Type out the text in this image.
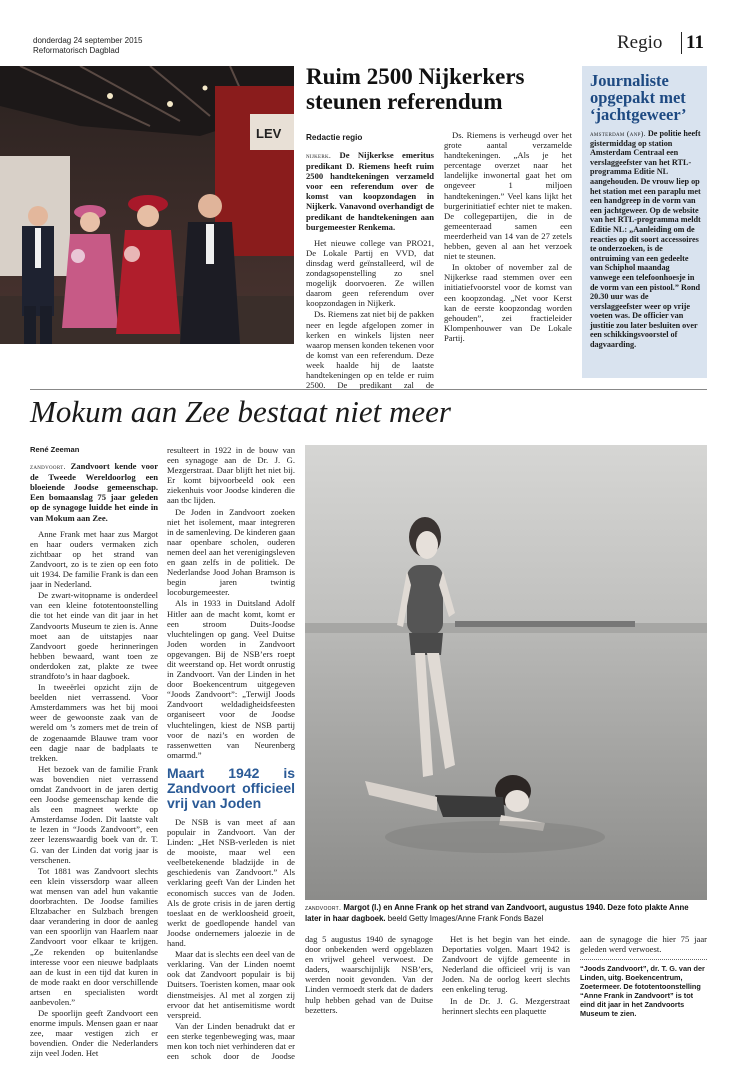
donderdag 24 september 2015
Reformatorisch Dagblad	Regio 11
LEV
Ruim 2500 Nijkerkers steunen referendum
Redactie regio

nijkerk. De Nijkerkse emeritus predikant D. Riemens heeft ruim 2500 handtekeningen verzameld voor een referendum over de komst van koopzondagen in Nijkerk. Vanavond overhandigt de predikant de handtekeningen aan burgemeester Renkema.

Het nieuwe college van PRO21, De Lokale Partij en VVD, dat dinsdag werd geïnstalleerd, wil de zondagsopenstelling zo snel mogelijk doorvoeren. Ze willen daarom geen referendum over koopzondagen in Nijkerk.

Ds. Riemens zat niet bij de pakken neer en legde afgelopen zomer in kerken en winkels lijsten neer waarop mensen konden tekenen voor de komst van een referendum. Deze week haalde hij de laatste handtekeningen op en telde er ruim 2500. De predikant zal de

Ds. Riemens is verheugd over het grote aantal verzamelde handtekeningen. „Als je het percentage overzet naar het landelijke inwonertal gaat het om ongeveer 1 miljoen handtekeningen.” Veel kans lijkt het burgerinitiatief echter niet te maken. De collegepartijen, die in de gemeenteraad samen een meerderheid van 14 van de 27 zetels hebben, geven al aan het verzoek niet te steunen.

In oktober of november zal de Nijkerkse raad stemmen over een initiatiefvoorstel voor de komst van een koopzondag. „Net voor Kerst kan de eerste koopzondag worden gehouden”, zei fractieleider Klompenhouwer van De Lokale Partij.

Journaliste opgepakt met ‘jachtgeweer’
amsterdam (anp). De politie heeft gistermiddag op station Amsterdam Centraal een verslaggeefster van het RTL-programma Editie NL aangehouden. De vrouw liep op het station met een paraplu met een handgreep in de vorm van een jachtgeweer. Op de website van het RTL-programma meldt Editie NL: „Aanleiding om de reacties op dit soort accessoires te onderzoeken, is de ontruiming van een gedeelte van Schiphol maandag vanwege een telefoonhoesje in de vorm van een pistool.” Rond 20.30 uur was de verslaggeefster weer op vrije voeten was. De officier van justitie zou later besluiten over een schikkingsvoorstel of dagvaarding.
Mokum aan Zee bestaat niet meer

René Zeeman

zandvoort. Zandvoort kende voor de Tweede Wereldoorlog een bloeiende Joodse gemeenschap. Een bomaanslag 75 jaar geleden op de synagoge luidde het einde in van Mokum aan Zee.

Anne Frank met haar zus Margot en haar ouders vermaken zich zichtbaar op het strand van Zandvoort, zo is te zien op een foto uit 1934. De familie Frank is dan een jaar in Nederland.

De zwart-witopname is onderdeel van een kleine fototentoonstelling die tot het einde van dit jaar in het Zandvoorts Museum te zien is. Anne moet aan de uitstapjes naar Zandvoort goede herinneringen hebben bewaard, want toen ze onderdoken zat, plakte ze twee strandfoto’s in haar dagboek.

In tweeërlei opzicht zijn de beelden niet verrassend. Voor Amsterdammers was het bij mooi weer de gewoonste zaak van de wereld om ’s zomers met de trein of de zogenaamde Blauwe tram voor een dagje naar de badplaats te trekken.

Het bezoek van de familie Frank was bovendien niet verrassend omdat Zandvoort in de jaren dertig een Joodse gemeenschap kende die als een magneet werkte op Amsterdamse Joden. Dit laatste valt te lezen in “Joods Zandvoort”, een zeer lezenswaardig boek van dr. T. G. van der Linden dat vorig jaar is verschenen.

Tot 1881 was Zandvoort slechts een klein vissersdorp waar alleen wat mensen van adel hun vakantie doorbrachten. De Joodse families Eltzabacher en Sulzbach brengen daar verandering in door de aanleg van een spoorlijn van Haarlem naar Zandvoort voor elkaar te krijgen. „Ze rekenden op buitenlandse interesse voor een nieuwe badplaats aan de kust in een tijd dat kuren in de mode raakt en door verschillende artsen en specialisten wordt aanbevolen.”

De spoorlijn geeft Zandvoort een enorme impuls. Mensen gaan er naar zee, maar vestigen zich er bovendien. Onder die Nederlanders zijn veel Joden. Het

resulteert in 1922 in de bouw van een synagoge aan de Dr. J. G. Mezgerstraat. Daar blijft het niet bij. Er komt bijvoorbeeld ook een ziekenhuis voor Joodse kinderen die aan tbc lijden.

De Joden in Zandvoort zoeken niet het isolement, maar integreren in de samenleving. De kinderen gaan naar openbare scholen, ouderen nemen deel aan het verenigingsleven en gaan zelfs in de politiek. De Nederlandse Jood Johan Bramson is begin jaren twintig locoburgemeester.

Als in 1933 in Duitsland Adolf Hitler aan de macht komt, komt er een stroom Duits-Joodse vluchtelingen op gang. Veel Duitse Joden worden in Zandvoort opgevangen. Bij de NSB’ers roept dit weerstand op. Het wordt onrustig in Zandvoort. Van der Linden in het door Boekencentrum uitgegeven “Joods Zandvoort”: „Terwijl Joods Zandvoort weldadigheidsfeesten organiseert voor de Joodse vluchtelingen, kiest de NSB partij voor de nazi’s en worden de rassenwetten van Neurenberg omarmd.”

Maart 1942 is Zandvoort officieel vrij van Joden

De NSB is van meet af aan populair in Zandvoort. Van der Linden: „Het NSB-verleden is niet de mooiste, maar wel een veelbetekenende bladzijde in de geschiedenis van Zandvoort.” Als verklaring geeft Van der Linden het economisch succes van de Joden. Als de grote crisis in de jaren dertig toeslaat en de werkloosheid groeit, werkt de goedlopende handel van Joodse ondernemers jaloezie in de hand.

Maar dat is slechts een deel van de verklaring. Van der Linden noemt ook dat Zandvoort populair is bij Duitsers. Toeristen komen, maar ook dienstmeisjes. Al met al zorgen zij ervoor dat het antisemitisme wordt verspreid.

Van der Linden benadrukt dat er een sterke tegenbeweging was, maar men kon toch niet verhinderen dat er een schok door de Joodse

zandvoort. Margot (l.) en Anne Frank op het strand van Zandvoort, augustus 1940. Deze foto plakte Anne later in haar dagboek. beeld Getty Images/Anne Frank Fonds Bazel

dag 5 augustus 1940 de synagoge door onbekenden werd opgeblazen en vrijwel geheel verwoest. De daders, waarschijnlijk NSB’ers, werden nooit gevonden. Van der Linden vermoedt sterk dat de daders hulp hebben gehad van de Duitse bezetters.

Het is het begin van het einde. Deportaties volgen. Maart 1942 is Zandvoort de vijfde gemeente in Nederland die officieel vrij is van Joden. Na de oorlog keert slechts een enkeling terug.

In de Dr. J. G. Mezgerstraat herinnert slechts een plaquette

aan de synagoge die hier 75 jaar geleden werd verwoest.

“Joods Zandvoort”, dr. T. G. van der Linden, uitg. Boekencentrum, Zoetermeer. De fototentoonstelling “Anne Frank in Zandvoort” is tot eind dit jaar in het Zandvoorts Museum te zien.
